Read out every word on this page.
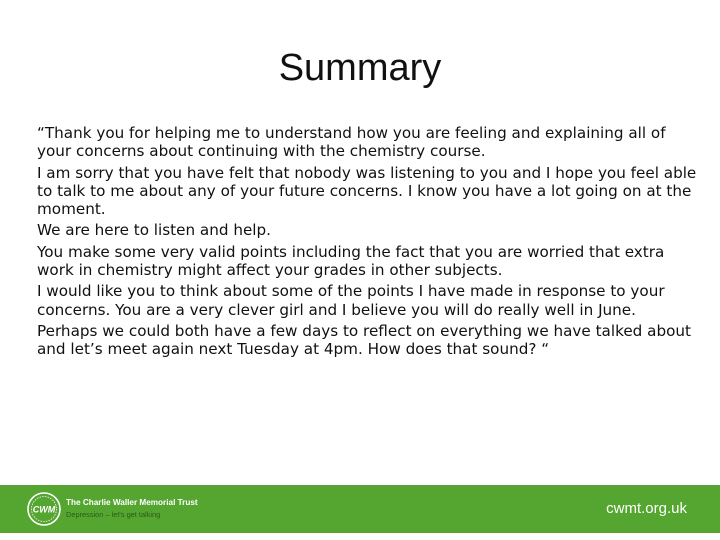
Summary

“Thank you for helping me to understand how you are feeling and explaining all of your concerns about continuing with the chemistry course.

I am sorry that you have felt that nobody was listening to you and I hope you feel able to talk to me about any of your future concerns. I know you have a lot going on at the moment.

We are here to listen and help.

You make some very valid points including the fact that you are worried that extra work in chemistry might affect your grades in other subjects.

I would like you to think about some of the points I have made in response to your concerns. You are a very clever girl and I believe you will do really well in June.

Perhaps we could both have a few days to reflect on everything we have talked about and let’s meet again next Tuesday at 4pm. How does that sound? “

CWM
The Charlie Waller Memorial Trust
Depression – let's get talking	cwmt.org.uk
